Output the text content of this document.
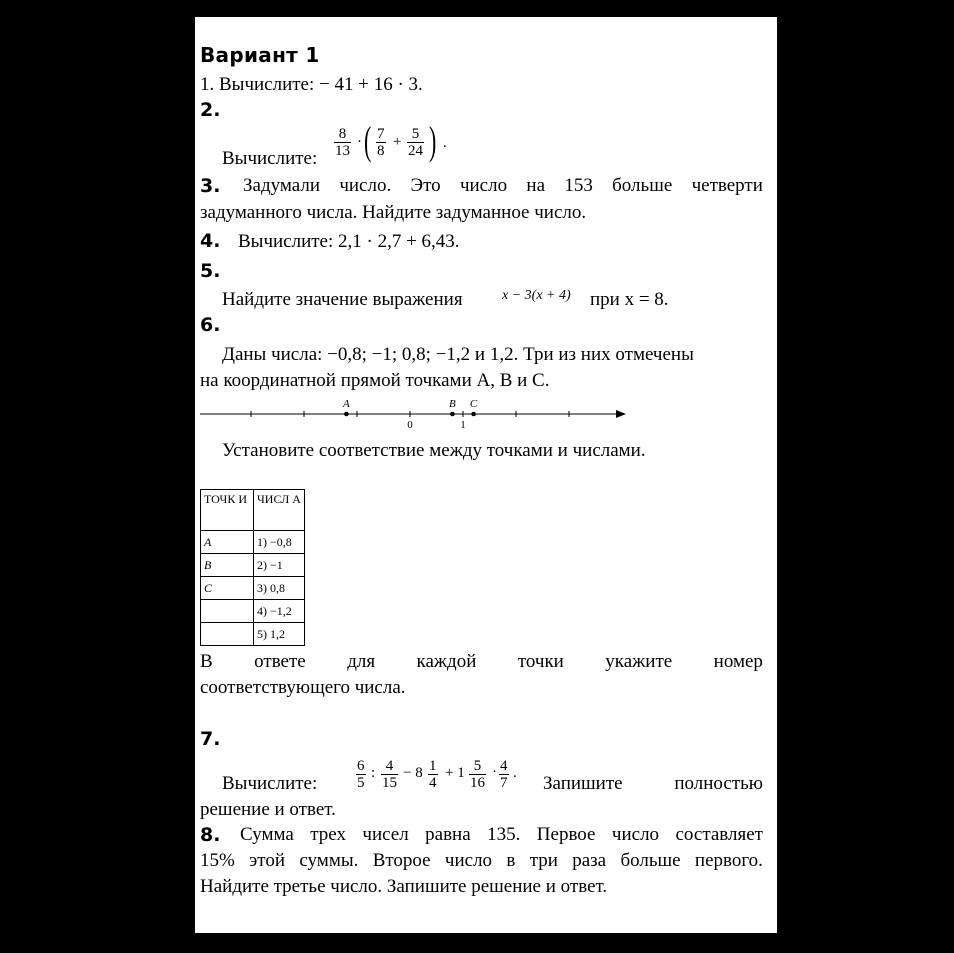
Вариант 1
1. Вычислите: − 41 + 16 · 3.
2.
Вычислите: $\frac{8}{13}$ · ( $\frac{7}{8} + \frac{5}{24}$ ) .
3. Задумали число. Это число на 153 больше четверти
задуманного числа. Найдите задуманное число.
4. Вычислите: 2,1 · 2,7 + 6,43.
5.
Найдите значение выражения	x − 3(x + 4) при x = 8.
6.
Даны числа: −0,8; −1; 0,8; −1,2 и 1,2. Три из них отмечены
на координатной прямой точками A, B и C.
0	1
A	B C
Установите соответствие между точками и числами.
ТОЧК И	ЧИСЛ А
A	1) −0,8
B	2) −1
C	3) 0,8
	4) −1,2
	5) 1,2
В ответе для каждой точки укажите номер
соответствующего числа.
7.
Вычислите:	$\frac{6}{5}$ : $\frac{4}{15} - 8 \frac{1}{4} + 1 \frac{5}{16} \cdot \frac{4}{7}$ . Запишите	полностью
решение и ответ.
8. Сумма трех чисел равна 135. Первое число составляет
15% этой суммы. Второе число в три раза больше первого.
Найдите третье число. Запишите решение и ответ.
